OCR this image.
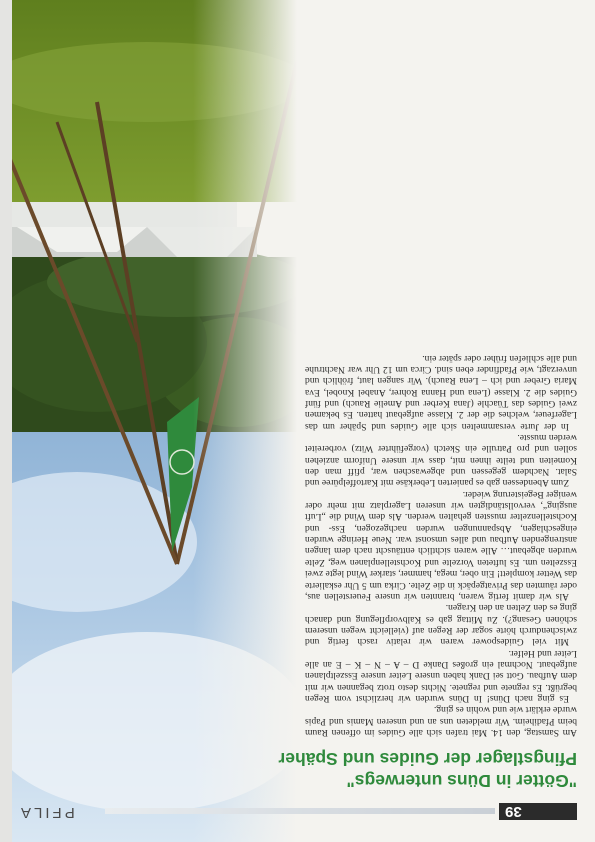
39
PFILA
"Götter in Düns unterwegs"
Pfingstlager der Guides und Späher

Am Samstag, den 14. Mai trafen sich alle Guides im offenen Raum beim Pfadiheim. Wir meldeten uns an und unseren Mamis und Papis wurde erklärt wie und wohin es ging.

Es ging nach Düns! In Düns wurden wir herzlichst vom Regen begrüßt. Es regnete und regnete. Nichts desto trotz begannen wir mit dem Aufbau. Gott sei Dank haben unsere Leiter unsere Esszeltplanen aufgebaut. Nochmal ein großes Danke D – A – N – K – E an alle Leiter und Helfer.

Mit viel Guidespower waren wir relativ rasch fertig und zwischendurch hörte sogar der Regen auf (vielleicht wegen unserem schönen Gesang?). Zu Mittag gab es Kalbvorpflegung und danach ging es den Zelten an den Kragen.

Als wir damit fertig waren, brannten wir unsere Feuerstellen aus, oder räumten das Privatgepäck in die Zelte. Cirka um 5 Uhr eskalierte das Wetter komplett! Ein ober, mega, hammer, starker Wind legte zwei Esszelten um. Es lufteten Vorzelte und Kochstellenplanen weg, Zelte wurden abgebaut… Alle waren sichtlich enttäuscht nach dem langen anstrengenden Aufbau und alles umsonst war. Neue Heringe wurden eingeschlagen, Abspannungen wurden nachgezogen, Ess- und Kochstellenzelter mussten gehalten werden. Als dem Wind die „Luft ausging“, vervollständigten wir unseren Lagerplatz mit mehr oder weniger Begeisterung wieder.

Zum Abendessen gab es panierten Leberkäse mit Kartoffelpüree und Salat. Nachdem gegessen und abgewaschen war, pfiff man den Komeiten und teilte ihnen mit, dass wir unsere Uniform anziehen sollen und pro Patrulle ein Sketch (vorgeführter Witz) vorbereitet werden musste.

In der Jurte versammelten sich alle Guides und Späher um das Lagerfeuer, welches die der 2. Klasse aufgebaut hatten. Es bekamen zwei Guides das Tüachle (Jana Kerber und Amelie Rauch) und fünf Guides die 2. Klasse (Lena und Hanna Rohrer, Anabel Knobel, Eva Maria Greber und ich – Lena Rauch). Wir sangen laut, fröhlich und unverzagt, wie Pfadfinder eben sind. Circa um 12 Uhr war Nachtruhe und alle schliefen früher oder später ein.
